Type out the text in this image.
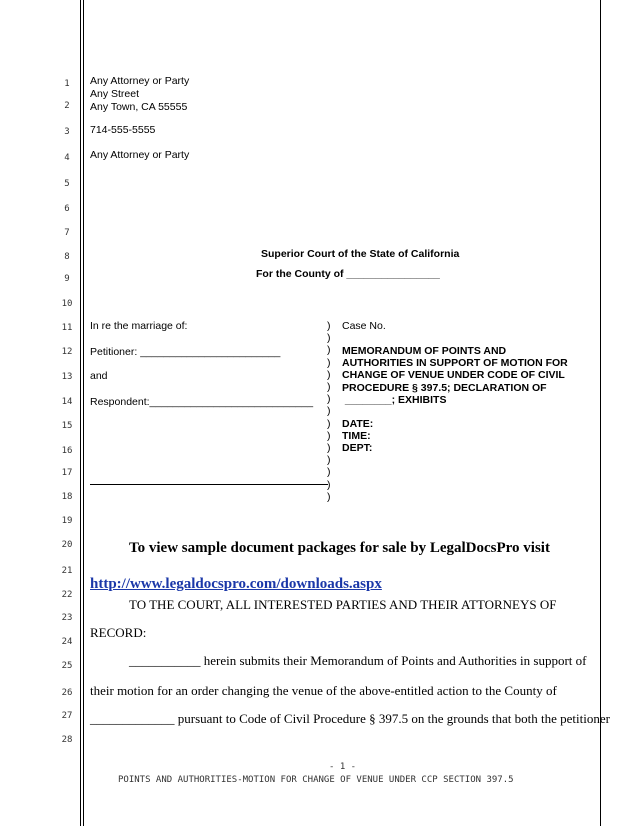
1
2
3
4
5
6
7
8
9
10
11
12
13
14
15
16
17
18
19
20
21
22
23
24
25
26
27
28
Any Attorney or Party
Any Street
Any Town, CA 55555
714-555-5555
Any Attorney or Party
Superior Court of the State of California
For the County of ________________
In re the marriage of:
Petitioner: ________________________
and
Respondent:____________________________
)
)
)
)
)
)
)
)
)
)
)
)
)
)
)
Case No.
MEMORANDUM OF POINTS AND
AUTHORITIES IN SUPPORT OF MOTION FOR
CHANGE OF VENUE UNDER CODE OF CIVIL
PROCEDURE § 397.5; DECLARATION OF
________; EXHIBITS
DATE:
TIME:
DEPT:
To view sample document packages for sale by LegalDocsPro visit
http://www.legaldocspro.com/downloads.aspx
TO THE COURT, ALL INTERESTED PARTIES AND THEIR ATTORNEYS OF
RECORD:
___________ herein submits their Memorandum of Points and Authorities in support of
their motion for an order changing the venue of the above-entitled action to the County of
_____________ pursuant to Code of Civil Procedure § 397.5 on the grounds that both the petitioner
- 1 -
POINTS AND AUTHORITIES-MOTION FOR CHANGE OF VENUE UNDER CCP SECTION 397.5
